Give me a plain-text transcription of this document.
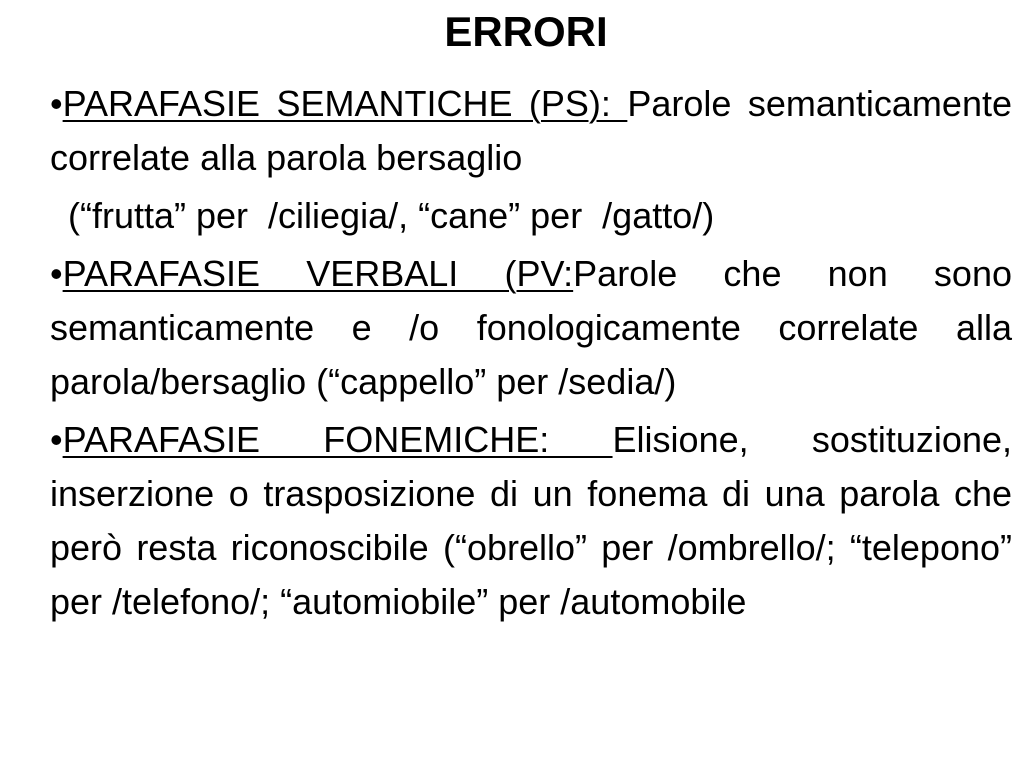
ERRORI

•PARAFASIE SEMANTICHE (PS): Parole semanticamente correlate alla parola bersaglio

(“frutta” per  /ciliegia/, “cane” per  /gatto/)

•PARAFASIE VERBALI (PV:Parole che non sono semanticamente e /o fonologicamente correlate alla parola/bersaglio (“cappello” per /sedia/)

•PARAFASIE FONEMICHE: Elisione, sostituzione, inserzione o trasposizione di un fonema di una parola che però resta riconoscibile (“obrello” per /ombrello/; “telepono” per /telefono/; “automiobile” per /automobile
